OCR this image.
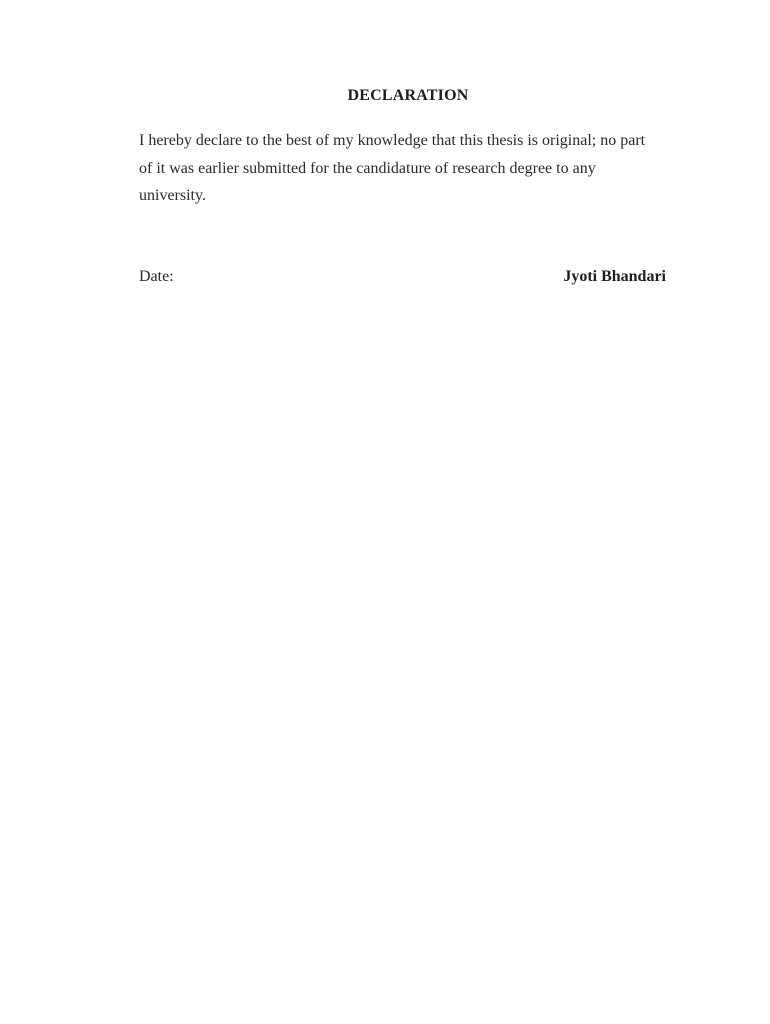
DECLARATION

I hereby declare to the best of my knowledge that this thesis is original; no part
of it was earlier submitted for the candidature of research degree to any
university.

Date:	Jyoti Bhandari
